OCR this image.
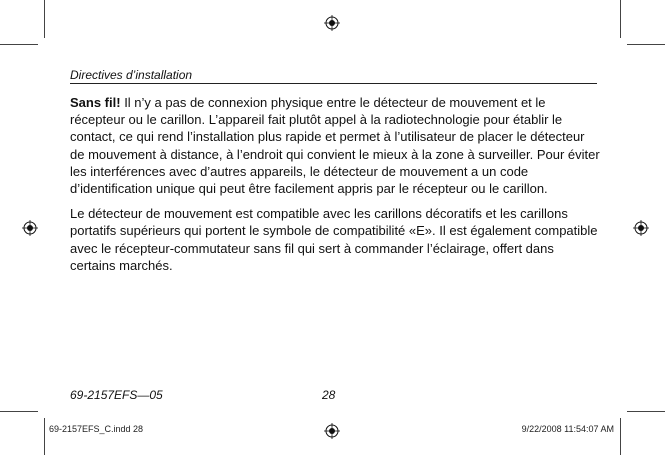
Directives d’installation

Sans fil! Il n’y a pas de connexion physique entre le détecteur de mouvement et le récepteur ou le carillon. L’appareil fait plutôt appel à la radiotechnologie pour établir le contact, ce qui rend l’installation plus rapide et permet à l’utilisateur de placer le détecteur de mouvement à distance, à l’endroit qui convient le mieux à la zone à surveiller. Pour éviter les interférences avec d’autres appareils, le détecteur de mouvement a un code d’identification unique qui peut être facilement appris par le récepteur ou le carillon.

Le détecteur de mouvement est compatible avec les carillons décoratifs et les carillons portatifs supérieurs qui portent le symbole de compatibilité «E». Il est également compatible avec le récepteur-commutateur sans fil qui sert à commander l’éclairage, offert dans certains marchés.

69-2157EFS—05	28
69-2157EFS_C.indd 28	9/22/2008 11:54:07 AM
